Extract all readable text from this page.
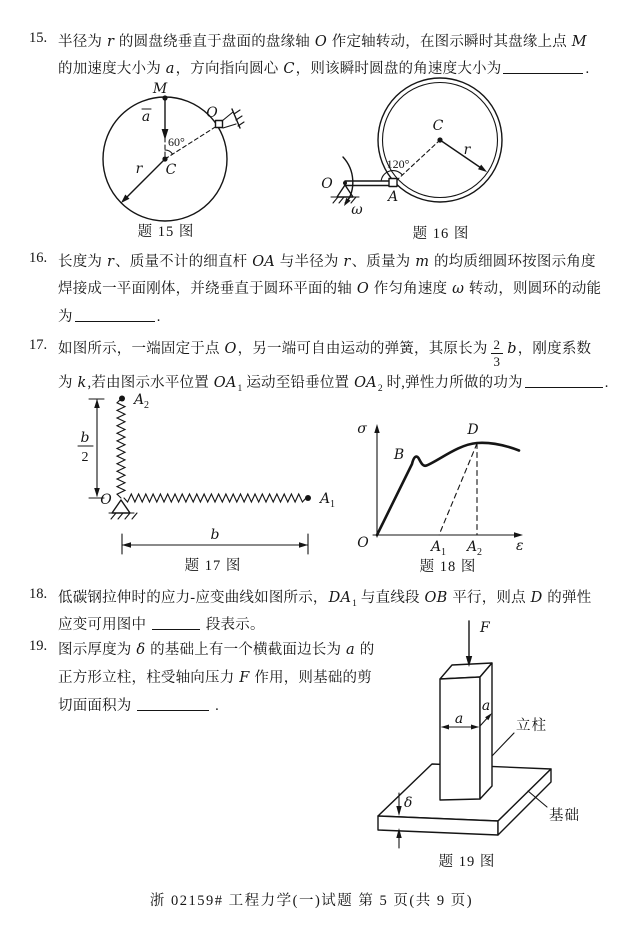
15. 半径为 r 的圆盘绕垂直于盘面的盘缘轴 O 作定轴转动，在图示瞬时其盘缘上点 M
的加速度大小为 a，方向指向圆心 C，则该瞬时圆盘的角速度大小为	.
M
a
60°
C
r
O
题 15 图
C
r
120°
A
O
ω
题 16 图
16. 长度为 r、质量不计的细直杆 OA 与半径为 r、质量为 m 的均质细圆环按图示角度
焊接成一平面刚体，并绕垂直于圆环平面的轴 O 作匀角速度 ω 转动，则圆环的动能
为	.
17. 如图所示，一端固定于点 O，另一端可自由运动的弹簧，其原长为 $\frac{2}{3}$ b，刚度系数
为 k,若由图示水平位置 $OA_1$ 运动至铅垂位置 $OA_2$ 时,弹性力所做的功为	.
A 2
A 1
O
b
2
b
题 17 图
σ
ε
O
B
D
A 1 A 2
题 18 图
18. 低碳钢拉伸时的应力-应变曲线如图所示，$DA_1$ 与直线段 OB 平行，则点 D 的弹性
应变可用图中	段表示。
19. 图示厚度为 δ 的基础上有一个横截面边长为 a 的
正方形立柱，柱受轴向压力 F 作用，则基础的剪
切面面积为	.
F
a
a
δ
立柱
基础
题 19 图
浙 02159# 工程力学(一)试题 第 5 页(共 9 页)
